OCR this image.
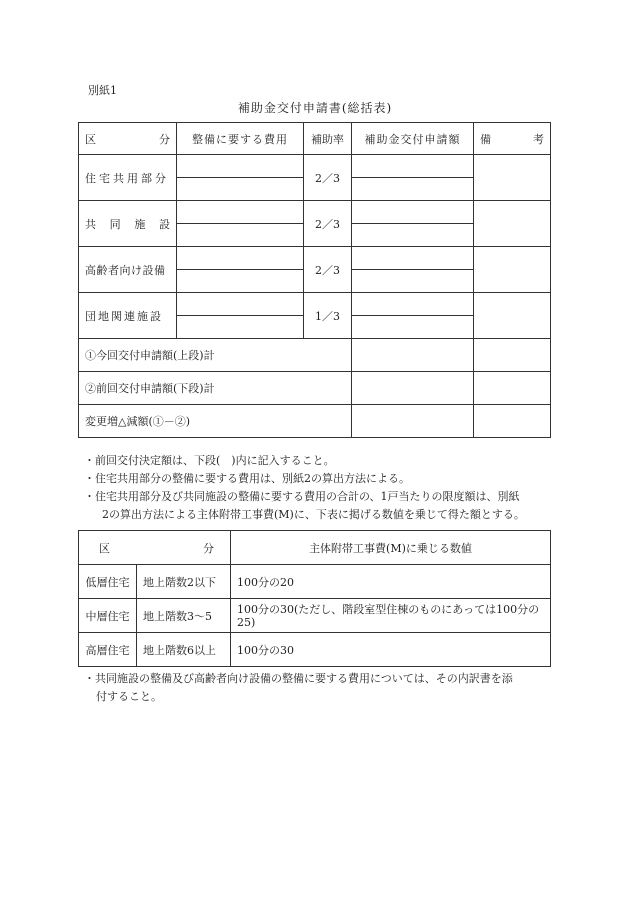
別紙1
補助金交付申請書(総括表)
区 分	整備に要する費用	補助率	補助金交付申請額	備 考

住宅共用部分		2／3		

共 同 施 設		2／3		

高齢者向け設備		2／3		

団地関連施設		1／3		

①今回交付申請額(上段)計				
②前回交付申請額(下段)計				
変更増△減額(①－②)				
・前回交付決定額は、下段(　)内に記入すること。
・住宅共用部分の整備に要する費用は、別紙2の算出方法による。
・住宅共用部分及び共同施設の整備に要する費用の合計の、1戸当たりの限度額は、別紙
2の算出方法による主体附帯工事費(M)に、下表に掲げる数値を乗じて得た額とする。
区 分		主体附帯工事費(M)に乗じる数値
低層住宅	地上階数2以下	100分の20
中層住宅	地上階数3～5	100分の30(ただし、階段室型住棟のものにあっては100分の25)
高層住宅	地上階数6以上	100分の30
・共同施設の整備及び高齢者向け設備の整備に要する費用については、その内訳書を添
付すること。
